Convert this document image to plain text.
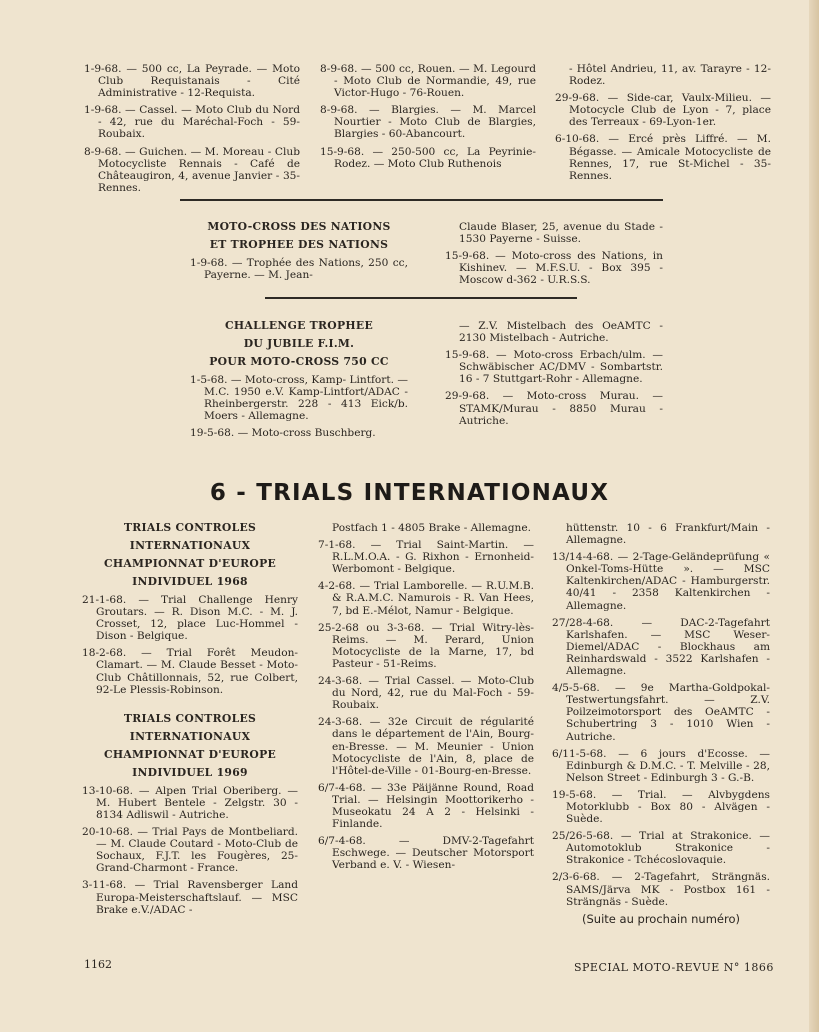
1-9-68. — 500 cc, La Peyrade. — Moto Club Requistanais - Cité Administrative - 12-Requista.

1-9-68. — Cassel. — Moto Club du Nord - 42, rue du Maréchal-Foch - 59-Roubaix.

8-9-68. — Guichen. — M. Moreau - Club Motocycliste Rennais - Café de Châteaugiron, 4, avenue Janvier - 35-Rennes.

8-9-68. — 500 cc, Rouen. — M. Legourd - Moto Club de Normandie, 49, rue Victor-Hugo - 76-Rouen.

8-9-68. — Blargies. — M. Marcel Nourtier - Moto Club de Blargies, Blargies - 60-Abancourt.

15-9-68. — 250-500 cc, La Peyrinie-Rodez. — Moto Club Ruthenois

- Hôtel Andrieu, 11, av. Tarayre - 12-Rodez.

29-9-68. — Side-car, Vaulx-Milieu. — Motocycle Club de Lyon - 7, place des Terreaux - 69-Lyon-1er.

6-10-68. — Ercé près Liffré. — M. Bégasse. — Amicale Motocycliste de Rennes, 17, rue St-Michel - 35-Rennes.

MOTO-CROSS DES NATIONS
ET TROPHEE DES NATIONS

1-9-68. — Trophée des Nations, 250 cc, Payerne. — M. Jean-

Claude Blaser, 25, avenue du Stade - 1530 Payerne - Suisse.

15-9-68. — Moto-cross des Nations, in Kishinev. — M.F.S.U. - Box 395 - Moscow d-362 - U.R.S.S.

CHALLENGE TROPHEE
DU JUBILE F.I.M.
POUR MOTO-CROSS 750 CC

1-5-68. — Moto-cross, Kamp- Lintfort. — M.C. 1950 e.V. Kamp-Lintfort/ADAC - Rheinbergerstr. 228 - 413 Eick/b. Moers - Allemagne.

19-5-68. — Moto-cross Buschberg.

— Z.V. Mistelbach des OeAMTC - 2130 Mistelbach - Autriche.

15-9-68. — Moto-cross Erbach/ulm. — Schwäbischer AC/DMV - Sombartstr. 16 - 7 Stuttgart-Rohr - Allemagne.

29-9-68. — Moto-cross Murau. — STAMK/Murau - 8850 Murau - Autriche.

6 - TRIALS INTERNATIONAUX
TRIALS CONTROLES
INTERNATIONAUX
CHAMPIONNAT D'EUROPE
INDIVIDUEL 1968

21-1-68. — Trial Challenge Henry Groutars. — R. Dison M.C. - M. J. Crosset, 12, place Luc-Hommel - Dison - Belgique.

18-2-68. — Trial Forêt Meudon-Clamart. — M. Claude Besset - Moto-Club Châtillonnais, 52, rue Colbert, 92-Le Plessis-Robinson.

TRIALS CONTROLES
INTERNATIONAUX
CHAMPIONNAT D'EUROPE
INDIVIDUEL 1969

13-10-68. — Alpen Trial Oberiberg. — M. Hubert Bentele - Zelgstr. 30 - 8134 Adliswil - Autriche.

20-10-68. — Trial Pays de Montbeliard. — M. Claude Coutard - Moto-Club de Sochaux, F.J.T. les Fougères, 25-Grand-Charmont - France.

3-11-68. — Trial Ravensberger Land Europa-Meisterschaftslauf. — MSC Brake e.V./ADAC -

Postfach 1 - 4805 Brake - Allemagne.

7-1-68. — Trial Saint-Martin. — R.L.M.O.A. - G. Rixhon - Ernonheid-Werbomont - Belgique.

4-2-68. — Trial Lamborelle. — R.U.M.B. & R.A.M.C. Namurois - R. Van Hees, 7, bd E.-Mélot, Namur - Belgique.

25-2-68 ou 3-3-68. — Trial Witry-lès-Reims. — M. Perard, Union Motocycliste de la Marne, 17, bd Pasteur - 51-Reims.

24-3-68. — Trial Cassel. — Moto-Club du Nord, 42, rue du Mal-Foch - 59-Roubaix.

24-3-68. — 32e Circuit de régularité dans le département de l'Ain, Bourg-en-Bresse. — M. Meunier - Union Motocycliste de l'Ain, 8, place de l'Hôtel-de-Ville - 01-Bourg-en-Bresse.

6/7-4-68. — 33e Päijänne Round, Road Trial. — Helsingin Moottorikerho - Museokatu 24 A 2 - Helsinki - Finlande.

6/7-4-68. — DMV-2-Tagefahrt Eschwege. — Deutscher Motorsport Verband e. V. - Wiesen-

hüttenstr. 10 - 6 Frankfurt/Main - Allemagne.

13/14-4-68. — 2-Tage-Geländeprüfung « Onkel-Toms-Hütte ». — MSC Kaltenkirchen/ADAC - Hamburgerstr. 40/41 - 2358 Kaltenkirchen - Allemagne.

27/28-4-68. — DAC-2-Tagefahrt Karlshafen. — MSC Weser-Diemel/ADAC - Blockhaus am Reinhardswald - 3522 Karlshafen - Allemagne.

4/5-5-68. — 9e Martha-Goldpokal-Testwertungsfahrt. — Z.V. Poilzeimotorsport des OeAMTC - Schubertring 3 - 1010 Wien - Autriche.

6/11-5-68. — 6 jours d'Ecosse. — Edinburgh & D.M.C. - T. Melville - 28, Nelson Street - Edinburgh 3 - G.-B.

19-5-68. — Trial. — Alvbygdens Motorklubb - Box 80 - Alvägen - Suède.

25/26-5-68. — Trial at Strakonice. — Automotoklub Strakonice - Strakonice - Tchécoslovaquie.

2/3-6-68. — 2-Tagefahrt, Strängnäs. SAMS/Järva MK - Postbox 161 - Strängnäs - Suède.

(Suite au prochain numéro)

1162	SPECIAL MOTO-REVUE N° 1866
